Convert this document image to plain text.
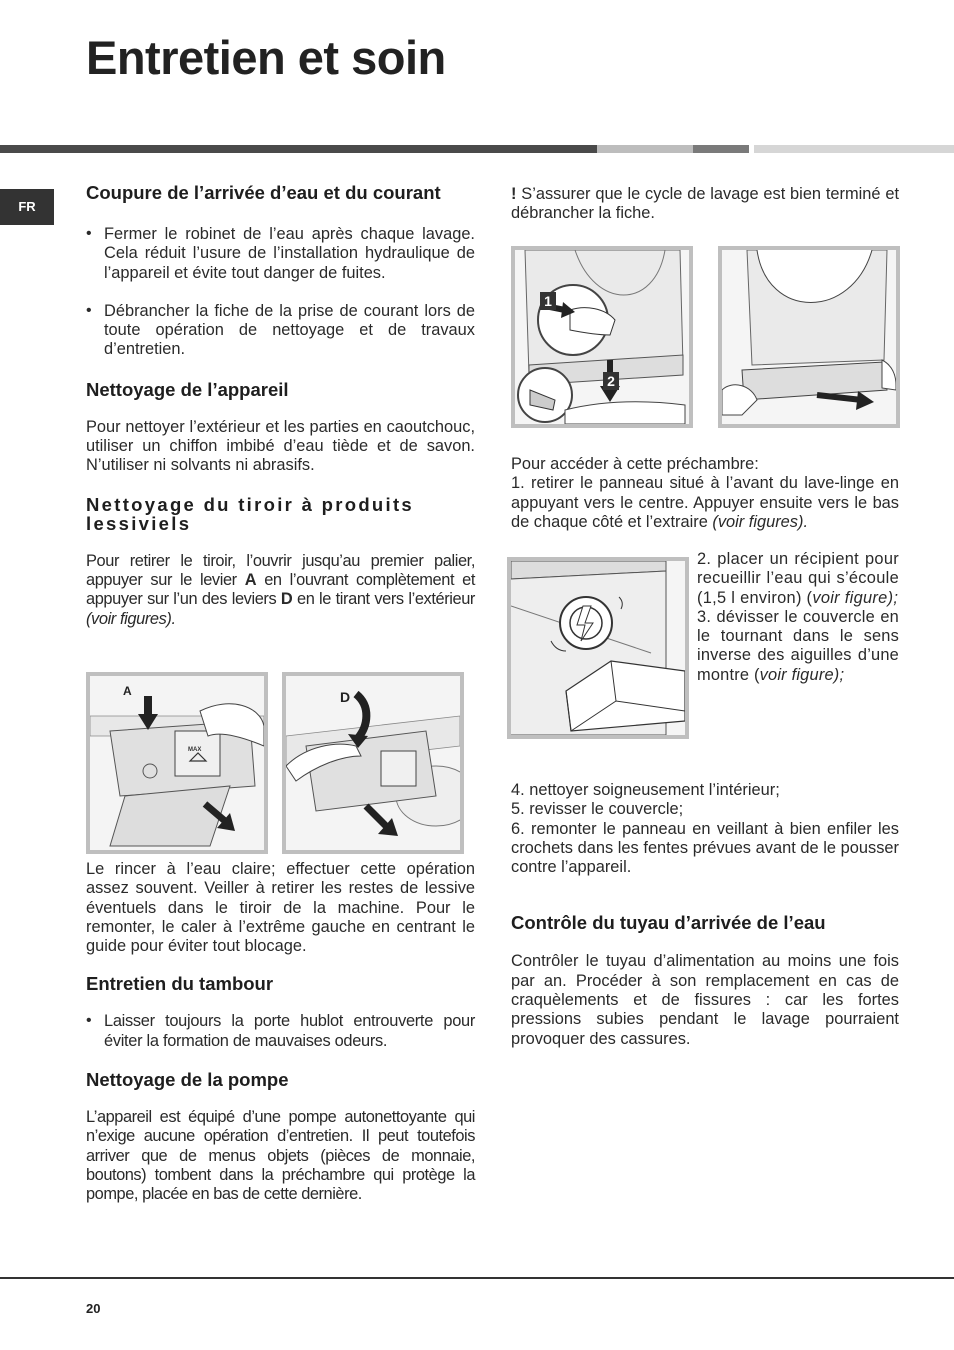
Entretien et soin
FR
Coupure de l’arrivée d’eau et du courant
• Fermer le robinet de l’eau après chaque lavage. Cela réduit l’usure de l’installation hydraulique de l’appareil et évite tout danger de fuites.

• Débrancher la fiche de la prise de courant lors de toute opération de nettoyage et de travaux d’entretien.

Nettoyage de l’appareil

Pour nettoyer l’extérieur et les parties en caoutchouc, utiliser un chiffon imbibé d’eau tiède et de savon. N’utiliser ni solvants ni abrasifs.

Nettoyage du tiroir à produits lessiviels

Pour retirer le tiroir, l’ouvrir jusqu’au premier palier, appuyer sur le levier A en l’ouvrant complètement et appuyer sur l’un des leviers D en le tirant vers l’extérieur (voir figures).

MAX
A	D

Le rincer à l’eau claire; effectuer cette opération assez souvent. Veiller à retirer les restes de lessive éventuels dans le tiroir de la machine. Pour le remonter, le caler à l’extrême gauche en centrant le guide pour éviter tout blocage.

Entretien du tambour
• Laisser toujours la porte hublot entrouverte pour éviter la formation de mauvaises odeurs.

Nettoyage de la pompe

L’appareil est équipé d’une pompe autonettoyante qui n’exige aucune opération d’entretien. Il peut toutefois arriver que de menus objets (pièces de monnaie, boutons) tombent dans la préchambre qui protège la pompe, placée en bas de cette dernière.

! S’assurer que le cycle de lavage est bien terminé et débrancher la fiche.

1
2

Pour accéder à cette préchambre:

1. retirer le panneau situé à l’avant du lave-linge en appuyant vers le centre. Appuyer ensuite vers le bas de chaque côté et l’extraire (voir figures).

2. placer un récipient pour recueillir l’eau qui s’écoule (1,5 l environ) (voir figure);

3. dévisser le couvercle en le tournant dans le sens inverse des aiguilles d’une montre (voir figure);

4. nettoyer soigneusement l’intérieur;

5. revisser le couvercle;

6. remonter le panneau en veillant à bien enfiler les crochets dans les fentes prévues avant de le pousser contre l’appareil.

Contrôle du tuyau d’arrivée de l’eau

Contrôler le tuyau d’alimentation au moins une fois par an. Procéder à son remplacement en cas de craquèlements et de fissures : car les fortes pressions subies pendant le lavage pourraient provoquer des cassures.

20
